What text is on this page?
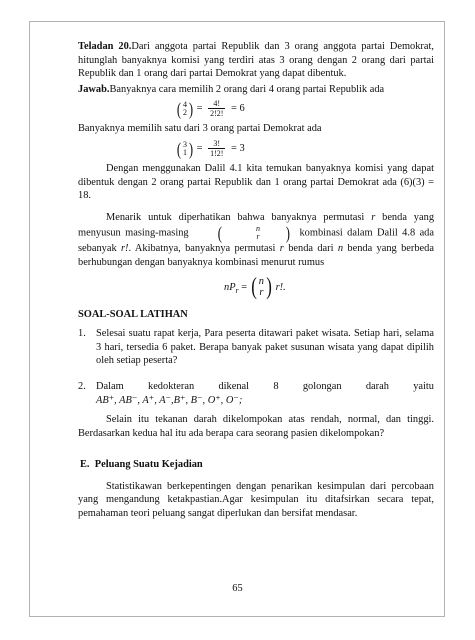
Teladan 20.Dari anggota partai Republik dan 3 orang anggota partai Demokrat, hitunglah banyaknya komisi yang terdiri atas 3 orang dengan 2 orang dari partai Republik dan 1 orang dari partai Demokrat yang dapat dibentuk.

Jawab.Banyaknya cara memilih 2 orang dari 4 orang partai Republik ada

( 4
2 ) = $\frac{4!}{2!2!} = 6$

Banyaknya memilih satu dari 3 orang partai Demokrat ada

( 3
1 ) = $\frac{3!}{1!2!} = 3$

Dengan menggunakan Dalil 4.1 kita temukan banyaknya komisi yang dapat dibentuk dengan 2 orang partai Republik dan 1 orang partai Demokrat ada (6)(3) = 18.

Menarik untuk diperhatikan bahwa banyaknya permutasi r benda yang menyusun masing-masing	(	n
r	) kombinasi dalam Dalil 4.8 ada sebanyak r!. Akibatnya, banyaknya permutasi r benda dari n benda yang berbeda berhubungan dengan banyaknya kombinasi menurut rumus

$nP_r$ = ( n
r ) r!.

SOAL-SOAL LATIHAN

1. Selesai suatu rapat kerja, Para peserta ditawari paket wisata. Setiap hari, selama 3 hari, tersedia 6 paket. Berapa banyak paket susunan wisata yang dapat dipilih oleh setiap peserta?
2. Dalam kedokteran dikenal 8 golongan darah yaitu
AB⁺, AB⁻, A⁺, A⁻,B⁺, B⁻, O⁺, O⁻;

Selain itu tekanan darah dikelompokan atas rendah, normal, dan tinggi. Berdasarkan kedua hal itu ada berapa cara seorang pasien dikelompokan?

E. Peluang Suatu Kejadian

Statistikawan berkepentingen dengan penarikan kesimpulan dari percobaan yang mengandung ketakpastian.Agar kesimpulan itu ditafsirkan secara tepat, pemahaman teori peluang sangat diperlukan dan bersifat mendasar.

65
